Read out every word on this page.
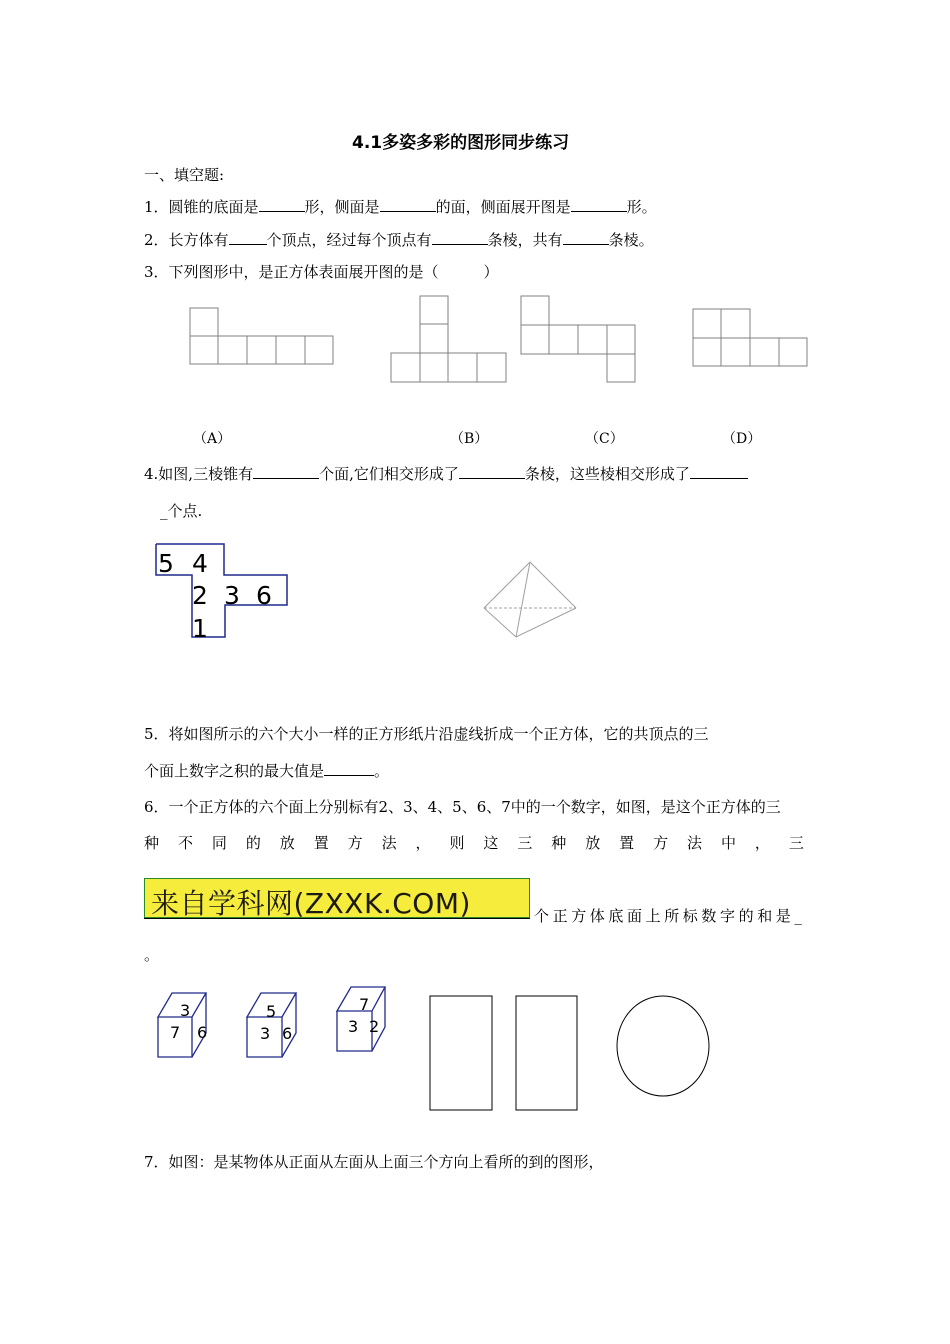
4.1多姿多彩的图形同步练习
一、填空题:
1．圆锥的底面是	形，侧面是	的面，侧面展开图是	形。
2．长方体有	个顶点，经过每个顶点有	条棱，共有	条棱。
3．下列图形中，是正方体表面展开图的是（　　　）
（A）	（B）	（C）	（D）
4.如图,三棱锥有	个面,它们相交形成了	条棱，这些棱相交形成了
_个点.
5 4
2 3 6
1
5．将如图所示的六个大小一样的正方形纸片沿虚线折成一个正方体，它的共顶点的三
个面上数字之积的最大值是	。
6．一个正方体的六个面上分别标有2、3、4、5、6、7中的一个数字，如图，是这个正方体的三
种 不 同 的 放 置 方 法 ， 则 这 三 种 放 置 方 法 中 ， 三
来自学科网(ZXXK.COM)	个正方体底面上所标数字的和是_
。
3
7 6
5
3 6
7
3 2
7．如图：是某物体从正面从左面从上面三个方向上看所的到的图形，
